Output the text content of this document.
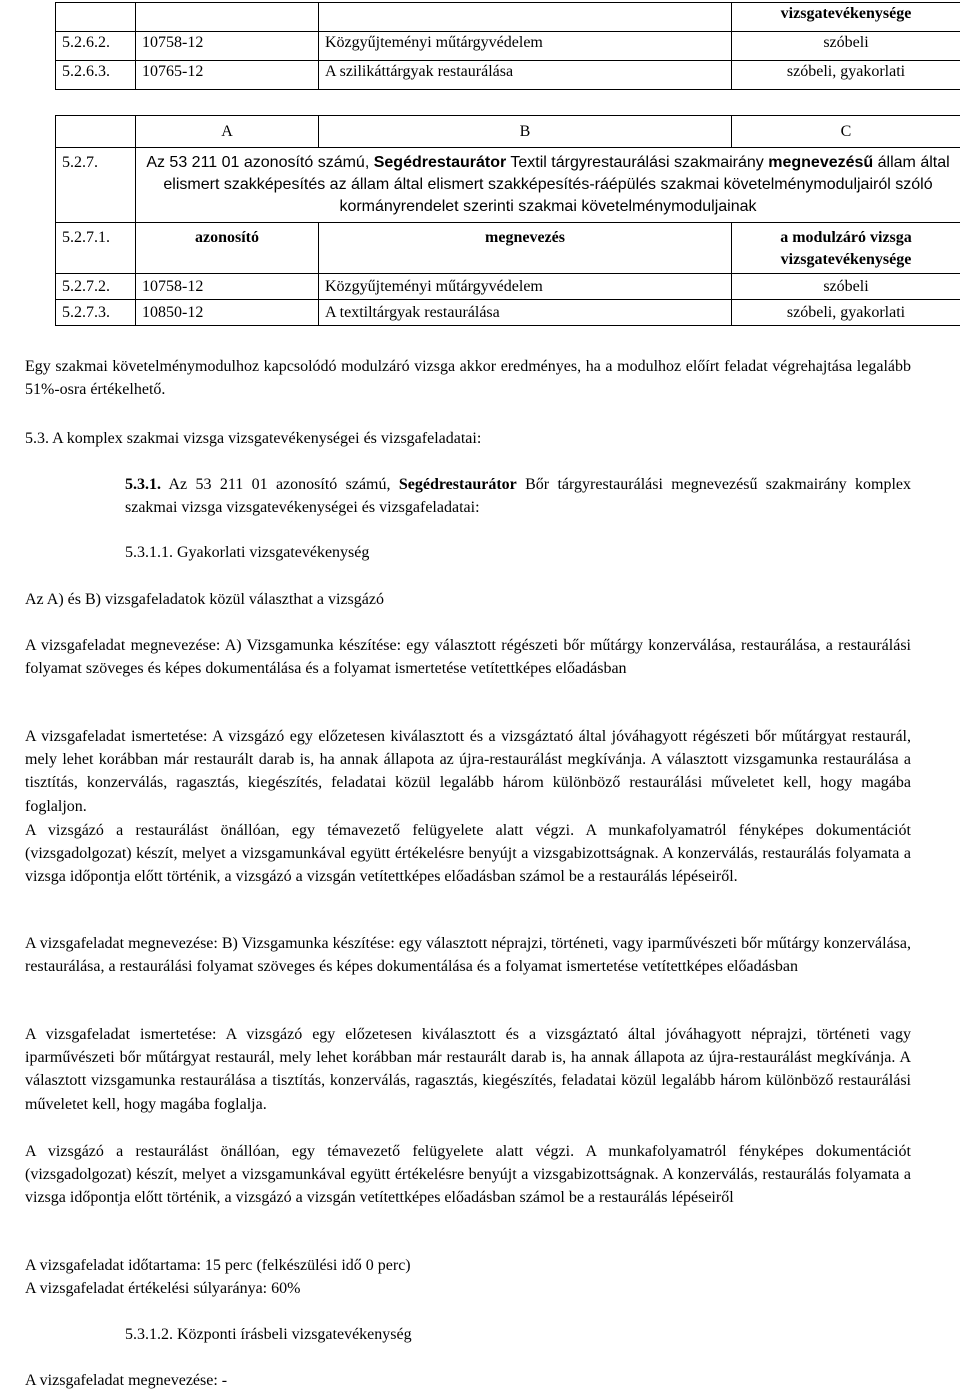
			vizsgatevékenysége
5.2.6.2.	10758-12	Közgyűjteményi műtárgyvédelem	szóbeli
5.2.6.3.	10765-12	A szilikáttárgyak restaurálása	szóbeli, gyakorlati
	A	B	C
5.2.7.	Az 53 211 01 azonosító számú, Segédrestaurátor Textil tárgyrestaurálási szakmairány megnevezésű állam által elismert szakképesítés az állam által elismert szakképesítés-ráépülés szakmai követelménymoduljairól szóló kormányrendelet szerinti szakmai követelménymoduljainak		
5.2.7.1.	azonosító	megnevezés	a modulzáró vizsga vizsgatevékenysége
5.2.7.2.	10758-12	Közgyűjteményi műtárgyvédelem	szóbeli
5.2.7.3.	10850-12	A textiltárgyak restaurálása	szóbeli, gyakorlati

Egy szakmai követelménymodulhoz kapcsolódó modulzáró vizsga akkor eredményes, ha a modulhoz előírt feladat végrehajtása legalább 51%-osra értékelhető.

5.3. A komplex szakmai vizsga vizsgatevékenységei és vizsgafeladatai:

5.3.1. Az 53 211 01 azonosító számú, Segédrestaurátor Bőr tárgyrestaurálási megnevezésű szakmairány komplex szakmai vizsga vizsgatevékenységei és vizsgafeladatai:

5.3.1.1. Gyakorlati vizsgatevékenység

Az A) és B) vizsgafeladatok közül választhat a vizsgázó

A vizsgafeladat megnevezése: A) Vizsgamunka készítése: egy választott régészeti bőr műtárgy konzerválása, restaurálása, a restaurálási folyamat szöveges és képes dokumentálása és a folyamat ismertetése vetítettképes előadásban

A vizsgafeladat ismertetése: A vizsgázó egy előzetesen kiválasztott és a vizsgáztató által jóváhagyott régészeti bőr műtárgyat restaurál, mely lehet korábban már restaurált darab is, ha annak állapota az újra-restaurálást megkívánja. A választott vizsgamunka restaurálása a tisztítás, konzerválás, ragasztás, kiegészítés, feladatai közül legalább három különböző restaurálási műveletet kell, hogy magába foglaljon.

A vizsgázó a restaurálást önállóan, egy témavezető felügyelete alatt végzi. A munkafolyamatról fényképes dokumentációt (vizsgadolgozat) készít, melyet a vizsgamunkával együtt értékelésre benyújt a vizsgabizottságnak. A konzerválás, restaurálás folyamata a vizsga időpontja előtt történik, a vizsgázó a vizsgán vetítettképes előadásban számol be a restaurálás lépéseiről.

A vizsgafeladat megnevezése: B) Vizsgamunka készítése: egy választott néprajzi, történeti, vagy iparművészeti bőr műtárgy konzerválása, restaurálása, a restaurálási folyamat szöveges és képes dokumentálása és a folyamat ismertetése vetítettképes előadásban

A vizsgafeladat ismertetése: A vizsgázó egy előzetesen kiválasztott és a vizsgáztató által jóváhagyott néprajzi, történeti vagy iparművészeti bőr műtárgyat restaurál, mely lehet korábban már restaurált darab is, ha annak állapota az újra-restaurálást megkívánja. A választott vizsgamunka restaurálása a tisztítás, konzerválás, ragasztás, kiegészítés, feladatai közül legalább három különböző restaurálási műveletet kell, hogy magába foglalja.

A vizsgázó a restaurálást önállóan, egy témavezető felügyelete alatt végzi. A munkafolyamatról fényképes dokumentációt (vizsgadolgozat) készít, melyet a vizsgamunkával együtt értékelésre benyújt a vizsgabizottságnak. A konzerválás, restaurálás folyamata a vizsga időpontja előtt történik, a vizsgázó a vizsgán vetítettképes előadásban számol be a restaurálás lépéseiről

A vizsgafeladat időtartama: 15 perc (felkészülési idő 0 perc)

A vizsgafeladat értékelési súlyaránya: 60%

5.3.1.2. Központi írásbeli vizsgatevékenység

A vizsgafeladat megnevezése: -
